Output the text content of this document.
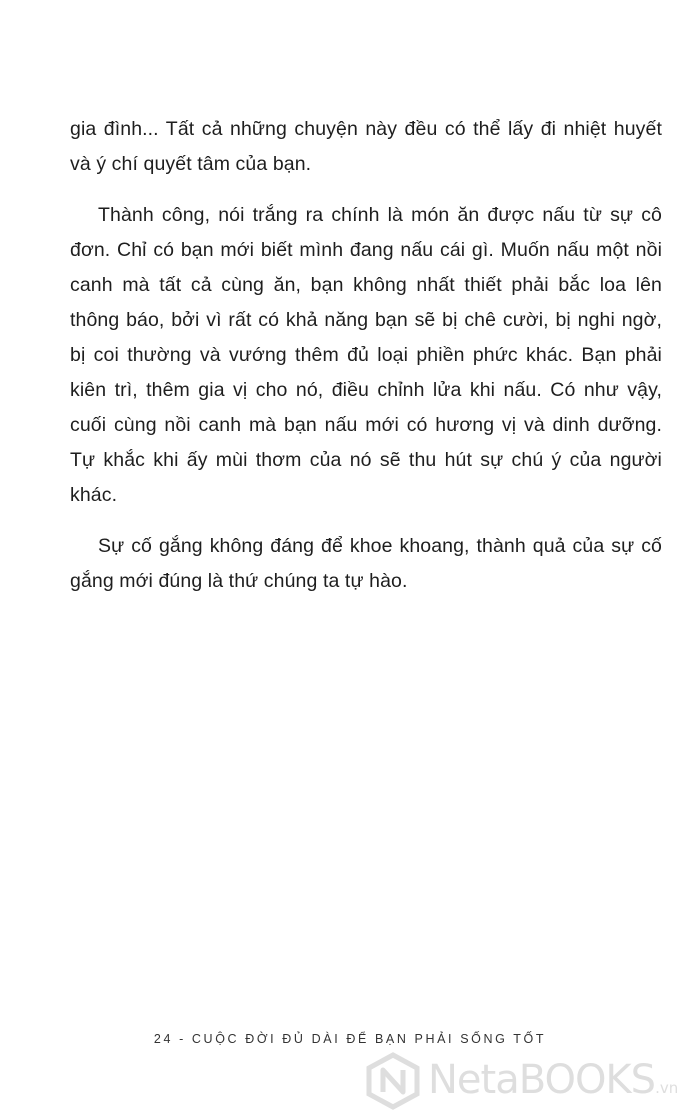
gia đình... Tất cả những chuyện này đều có thể lấy đi nhiệt huyết và ý chí quyết tâm của bạn.

Thành công, nói trắng ra chính là món ăn được nấu từ sự cô đơn. Chỉ có bạn mới biết mình đang nấu cái gì. Muốn nấu một nồi canh mà tất cả cùng ăn, bạn không nhất thiết phải bắc loa lên thông báo, bởi vì rất có khả năng bạn sẽ bị chê cười, bị nghi ngờ, bị coi thường và vướng thêm đủ loại phiền phức khác. Bạn phải kiên trì, thêm gia vị cho nó, điều chỉnh lửa khi nấu. Có như vậy, cuối cùng nồi canh mà bạn nấu mới có hương vị và dinh dưỡng. Tự khắc khi ấy mùi thơm của nó sẽ thu hút sự chú ý của người khác.

Sự cố gắng không đáng để khoe khoang, thành quả của sự cố gắng mới đúng là thứ chúng ta tự hào.

24 - CUỘC ĐỜI ĐỦ DÀI ĐỂ BẠN PHẢI SỐNG TỐT
NetaBOOKS.vn
